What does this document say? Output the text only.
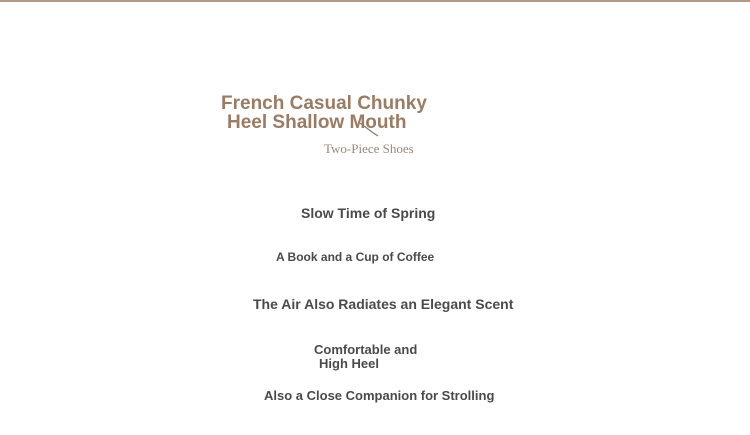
French Casual Chunky
Heel Shallow Mouth
Two-Piece Shoes
Slow Time of Spring
A Book and a Cup of Coffee
The Air Also Radiates an Elegant Scent
Comfortable and
High Heel
Also a Close Companion for Strolling
